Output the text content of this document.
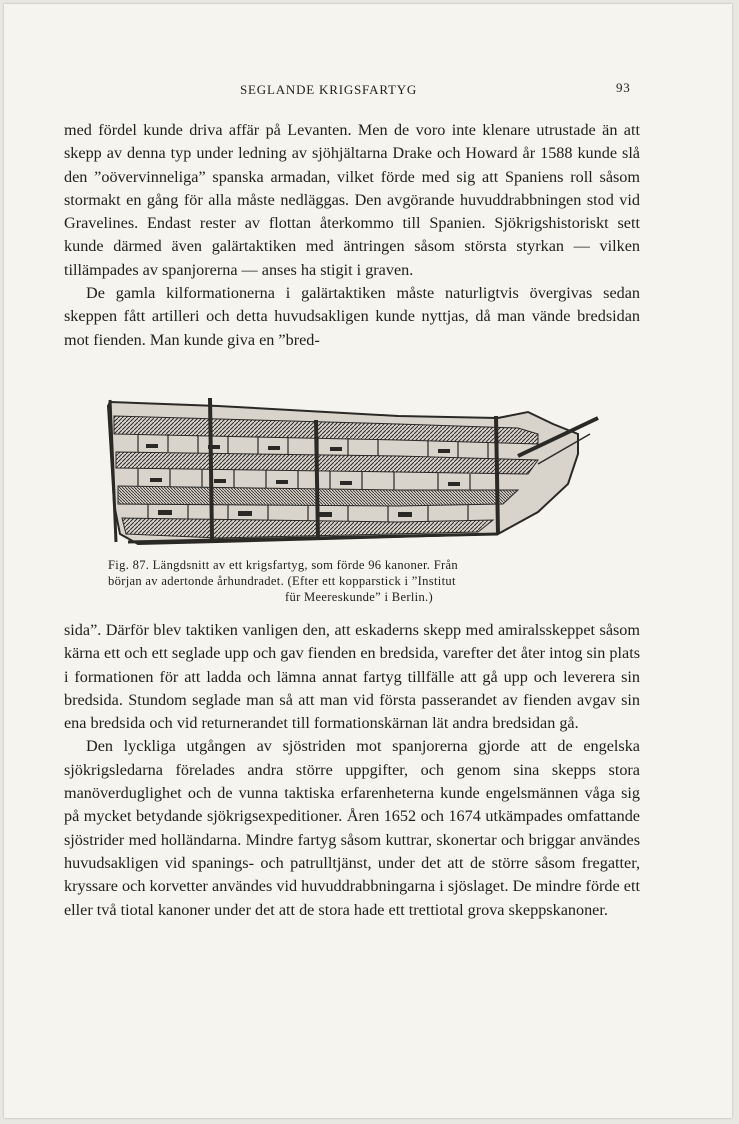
SEGLANDE KRIGSFARTYG	93

med fördel kunde driva affär på Levanten. Men de voro inte klenare utrustade än att skepp av denna typ under ledning av sjöhjältarna Drake och Howard år 1588 kunde slå den ”oövervinneliga” spanska armadan, vilket förde med sig att Spaniens roll såsom stormakt en gång för alla måste nedläggas. Den avgörande huvuddrabbningen stod vid Gravelines. Endast rester av flottan återkommo till Spanien. Sjökrigshistoriskt sett kunde därmed även galärtaktiken med äntringen såsom största styrkan — vilken tillämpades av spanjorerna — anses ha stigit i graven.

De gamla kilformationerna i galärtaktiken måste naturligtvis övergivas sedan skeppen fått artilleri och detta huvudsakligen kunde nyttjas, då man vände bredsidan mot fienden. Man kunde giva en ”bred-

Fig. 87. Längdsnitt av ett krigsfartyg, som förde 96 kanoner. Från

början av adertonde århundradet. (Efter ett kopparstick i ”Institut

für Meereskunde” i Berlin.)

sida”. Därför blev taktiken vanligen den, att eskaderns skepp med amiralsskeppet såsom kärna ett och ett seglade upp och gav fienden en bredsida, varefter det åter intog sin plats i formationen för att ladda och lämna annat fartyg tillfälle att gå upp och leverera sin bredsida. Stundom seglade man så att man vid första passerandet av fienden avgav sin ena bredsida och vid returnerandet till formationskärnan lät andra bredsidan gå.

Den lyckliga utgången av sjöstriden mot spanjorerna gjorde att de engelska sjökrigsledarna förelades andra större uppgifter, och genom sina skepps stora manöverduglighet och de vunna taktiska erfarenheterna kunde engelsmännen våga sig på mycket betydande sjökrigsexpeditioner. Åren 1652 och 1674 utkämpades omfattande sjöstrider med holländarna. Mindre fartyg såsom kuttrar, skonertar och briggar användes huvudsakligen vid spanings- och patrulltjänst, under det att de större såsom fregatter, kryssare och korvetter användes vid huvuddrabbningarna i sjöslaget. De mindre förde ett eller två tiotal kanoner under det att de stora hade ett trettiotal grova skeppskanoner.
